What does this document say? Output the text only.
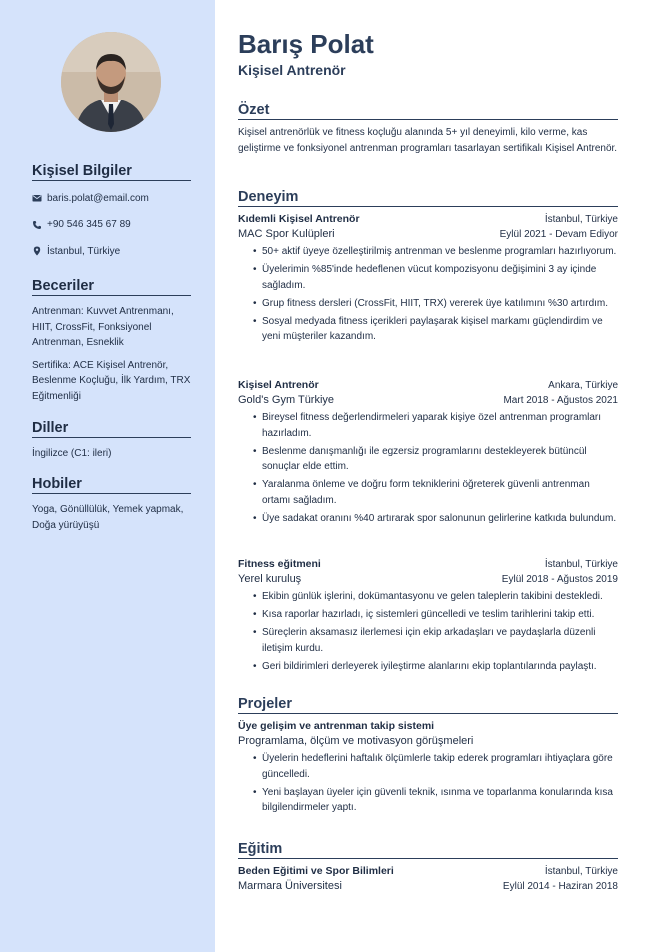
Kişisel Bilgiler
baris.polat@email.com
+90 546 345 67 89
İstanbul, Türkiye
Beceriler

Antrenman: Kuvvet Antrenmanı, HIIT, CrossFit, Fonksiyonel Antrenman, Esneklik

Sertifika: ACE Kişisel Antrenör, Beslenme Koçluğu, İlk Yardım, TRX Eğitmenliği

Diller

İngilizce (C1: ileri)

Hobiler

Yoga, Gönüllülük, Yemek yapmak, Doğa yürüyüşü

Barış Polat
Kişisel Antrenör
Özet
Kişisel antrenörlük ve fitness koçluğu alanında 5+ yıl deneyimli, kilo verme, kas geliştirme ve fonksiyonel antrenman programları tasarlayan sertifikalı Kişisel Antrenör.
Deneyim
Kıdemli Kişisel Antrenör	İstanbul, Türkiye
MAC Spor Kulüpleri	Eylül 2021 - Devam Ediyor
• 50+ aktif üyeye özelleştirilmiş antrenman ve beslenme programları hazırlıyorum.
• Üyelerimin %85'inde hedeflenen vücut kompozisyonu değişimini 3 ay içinde sağladım.
• Grup fitness dersleri (CrossFit, HIIT, TRX) vererek üye katılımını %30 artırdım.
• Sosyal medyada fitness içerikleri paylaşarak kişisel markamı güçlendirdim ve yeni müşteriler kazandım.
Kişisel Antrenör	Ankara, Türkiye
Gold's Gym Türkiye	Mart 2018 - Ağustos 2021
• Bireysel fitness değerlendirmeleri yaparak kişiye özel antrenman programları hazırladım.
• Beslenme danışmanlığı ile egzersiz programlarını destekleyerek bütüncül sonuçlar elde ettim.
• Yaralanma önleme ve doğru form tekniklerini öğreterek güvenli antrenman ortamı sağladım.
• Üye sadakat oranını %40 artırarak spor salonunun gelirlerine katkıda bulundum.
Fitness eğitmeni	İstanbul, Türkiye
Yerel kuruluş	Eylül 2018 - Ağustos 2019
• Ekibin günlük işlerini, dokümantasyonu ve gelen taleplerin takibini destekledi.
• Kısa raporlar hazırladı, iç sistemleri güncelledi ve teslim tarihlerini takip etti.
• Süreçlerin aksamasız ilerlemesi için ekip arkadaşları ve paydaşlarla düzenli iletişim kurdu.
• Geri bildirimleri derleyerek iyileştirme alanlarını ekip toplantılarında paylaştı.
Projeler
Üye gelişim ve antrenman takip sistemi
Programlama, ölçüm ve motivasyon görüşmeleri
• Üyelerin hedeflerini haftalık ölçümlerle takip ederek programları ihtiyaçlara göre güncelledi.
• Yeni başlayan üyeler için güvenli teknik, ısınma ve toparlanma konularında kısa bilgilendirmeler yaptı.
Eğitim
Beden Eğitimi ve Spor Bilimleri	İstanbul, Türkiye
Marmara Üniversitesi	Eylül 2014 - Haziran 2018
